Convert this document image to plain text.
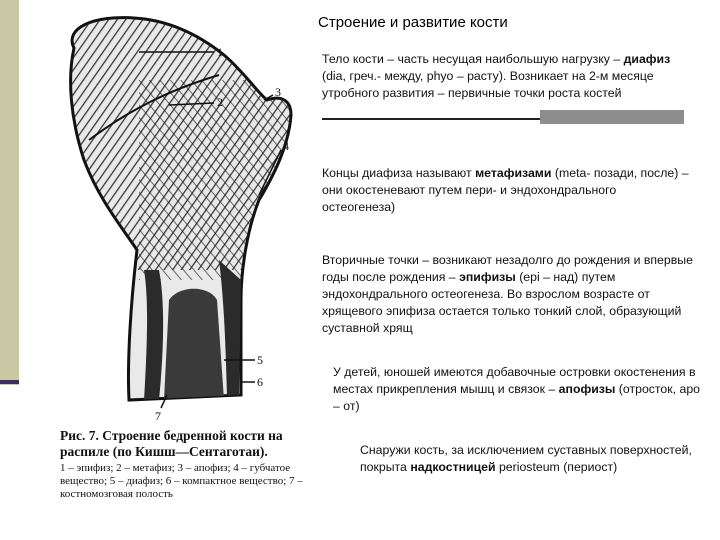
1
2
3
4
5
6
7
Рис. 7. Строение бедренной кости на распиле (по Кишш—Сентаготаи).
1 – эпифиз; 2 – метафиз; 3 – апофиз; 4 – губчатое вещество; 5 – диафиз; 6 – компактное вещество; 7 – костномозговая полость
Строение и развитие кости

Тело кости – часть несущая наибольшую нагрузку – диафиз (dia, греч.- между, phyo – расту). Возникает на 2-м месяце утробного развития – первичные точки роста костей

Концы диафиза называют метафизами (meta- позади, после) – они окостеневают путем пери- и эндохондрального остеогенеза)

Вторичные точки – возникают незадолго до рождения и впервые годы после рождения – эпифизы (epi – над) путем эндохондрального остеогенеза. Во взрослом возрасте от хрящевого эпифиза остается только тонкий слой, образующий суставной хрящ

У детей, юношей имеются добавочные островки окостенения в местах прикрепления мышц и связок – апофизы (отросток, apo – от)

Снаружи кость, за исключением суставных поверхностей, покрыта надкостницей periosteum (периост)
